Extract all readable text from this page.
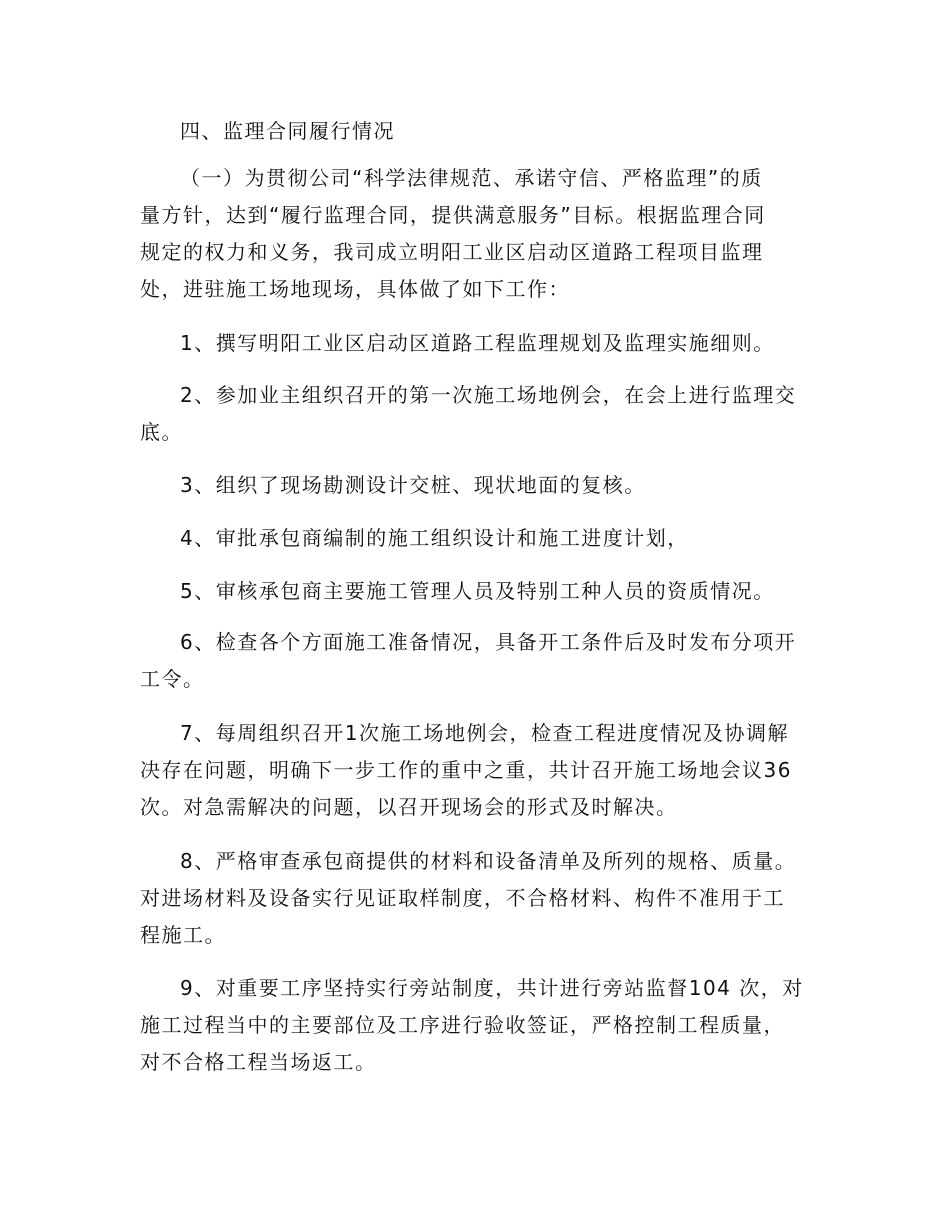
四、监理合同履行情况
（一）为贯彻公司“科学法律规范、承诺守信、严格监理”的质
量方针，达到“履行监理合同，提供满意服务”目标。根据监理合同
规定的权力和义务，我司成立明阳工业区启动区道路工程项目监理
处，进驻施工场地现场，具体做了如下工作：
1、撰写明阳工业区启动区道路工程监理规划及监理实施细则。
2、参加业主组织召开的第一次施工场地例会，在会上进行监理交
底。
3、组织了现场勘测设计交桩、现状地面的复核。
4、审批承包商编制的施工组织设计和施工进度计划，
5、审核承包商主要施工管理人员及特别工种人员的资质情况。
6、检查各个方面施工准备情况，具备开工条件后及时发布分项开
工令。
7、每周组织召开1次施工场地例会，检查工程进度情况及协调解
决存在问题，明确下一步工作的重中之重，共计召开施工场地会议36
次。对急需解决的问题，以召开现场会的形式及时解决。
8、严格审查承包商提供的材料和设备清单及所列的规格、质量。
对进场材料及设备实行见证取样制度，不合格材料、构件不准用于工
程施工。
9、对重要工序坚持实行旁站制度，共计进行旁站监督104 次，对
施工过程当中的主要部位及工序进行验收签证，严格控制工程质量，
对不合格工程当场返工。
